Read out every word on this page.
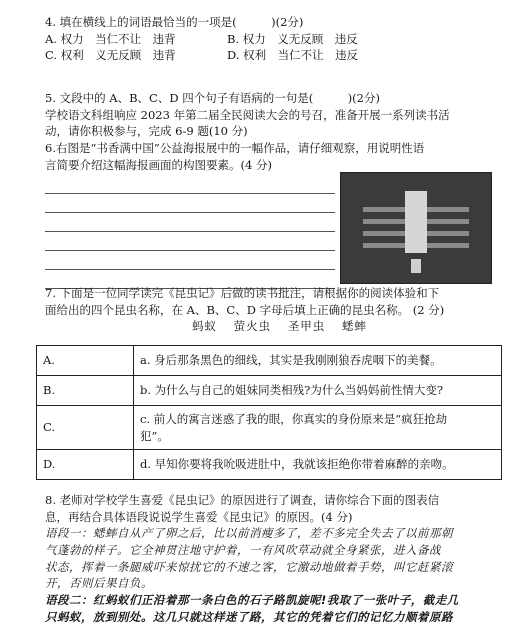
4. 填在横线上的词语最恰当的一项是(　　　)(2分)
A. 权力　当仁不让　违背	B. 权力　义无反顾　违反
C. 权利　义无反顾　违背	D. 权利　当仁不让　违反
5. 文段中的 A、B、C、D 四个句子有语病的一句是(　　　)(2分)
学校语文科组响应 2023 年第二届全民阅读大会的号召，准备开展一系列读书活
动，请你积极参与，完成 6-9 题(10 分)
6.右图是“书香满中国”公益海报展中的一幅作品，请仔细观察，用说明性语
言简要介绍这幅海报画面的构图要素。(4 分)
7. 下面是一位同学读完《昆虫记》后做的读书批注，请根据你的阅读体验和下
面给出的四个昆虫名称，在 A、B、C、D 字母后填上正确的昆虫名称。 (2 分)
蚂蚁 萤火虫 圣甲虫 蟋蟀
A.	a. 身后那条黑色的细线，其实是我刚刚狼吞虎咽下的美餐。
B.	b. 为什么与自己的姐妹同类相残?为什么当妈妈前性情大变?
C.	c. 前人的寓言迷惑了我的眼，你真实的身份原来是“疯狂抢劫
犯”。

D.	d. 早知你要将我吮吸进肚中，我就该拒绝你带着麻醉的亲吻。
8. 老师对学校学生喜爱《昆虫记》的原因进行了调查，请你综合下面的图表信
息，再结合具体语段说说学生喜爱《昆虫记》的原因。(4 分)
语段一：蟋蟀自从产了卵之后，比以前消瘦多了，差不多完全失去了以前那朝
气蓬勃的样子。它全神贯注地守护着，一有风吹草动就全身紧张，进入备战
状态，挥着一条腿威吓来惊扰它的不速之客，它激动地做着手势，叫它赶紧滚
开，否则后果自负。
语段二：红蚂蚁们正沿着那一条白色的石子路凯旋呢!我取了一张叶子，截走几
只蚂蚁，放到别处。这几只就这样迷了路，其它的凭着它们的记忆力顺着原路
